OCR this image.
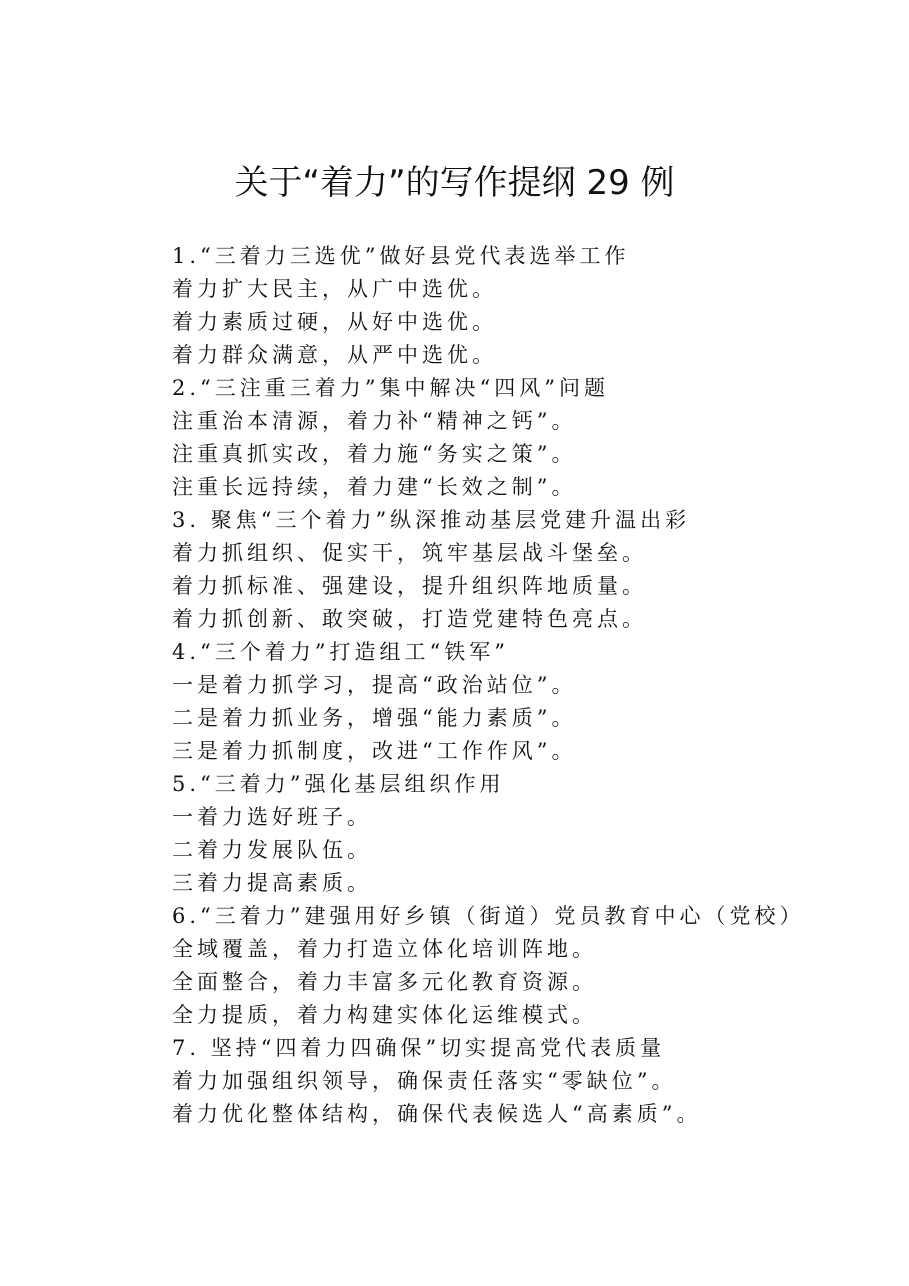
关于“着力”的写作提纲 29 例
1.“三着力三选优”做好县党代表选举工作
着力扩大民主，从广中选优。
着力素质过硬，从好中选优。
着力群众满意，从严中选优。
2.“三注重三着力”集中解决“四风”问题
注重治本清源，着力补“精神之钙”。
注重真抓实改，着力施“务实之策”。
注重长远持续，着力建“长效之制”。
3. 聚焦“三个着力”纵深推动基层党建升温出彩
着力抓组织、促实干，筑牢基层战斗堡垒。
着力抓标准、强建设，提升组织阵地质量。
着力抓创新、敢突破，打造党建特色亮点。
4.“三个着力”打造组工“铁军”
一是着力抓学习，提高“政治站位”。
二是着力抓业务，增强“能力素质”。
三是着力抓制度，改进“工作作风”。
5.“三着力”强化基层组织作用
一着力选好班子。
二着力发展队伍。
三着力提高素质。
6.“三着力”建强用好乡镇（街道）党员教育中心（党校）
全域覆盖，着力打造立体化培训阵地。
全面整合，着力丰富多元化教育资源。
全力提质，着力构建实体化运维模式。
7. 坚持“四着力四确保”切实提高党代表质量
着力加强组织领导，确保责任落实“零缺位”。
着力优化整体结构，确保代表候选人“高素质”。
